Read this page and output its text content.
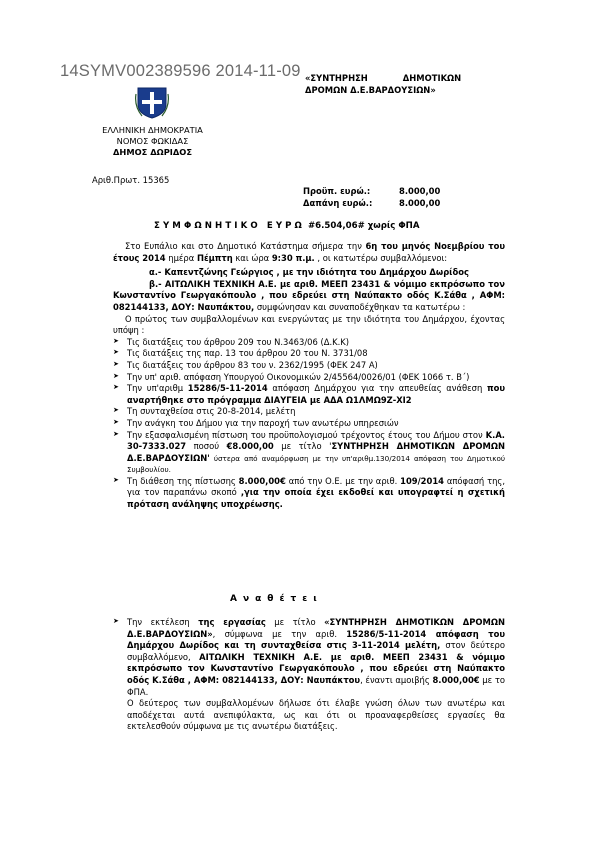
14SYMV002389596 2014-11-09
ΕΛΛΗΝΙΚΗ ΔΗΜΟΚΡΑΤΙΑ
ΝΟΜΟΣ ΦΩΚΙΔΑΣ
ΔΗΜΟΣ ΔΩΡΙΔΟΣ
«ΣΥΝΤΗΡΗΣΗ            ΔΗΜΟΤΙΚΩΝ
ΔΡΟΜΩΝ Δ.Ε.ΒΑΡΔΟΥΣΙΩΝ»
Αριθ.Πρωτ. 15365
Προϋπ. ευρώ.:	8.000,00
Δαπάνη ευρώ.:	8.000,00
ΣΥΜΦΩΝΗΤΙΚΟ ΕΥΡΩ #6.504,06# χωρίς ΦΠΑ

Στο Ευπάλιο και στο Δημοτικό Κατάστημα σήμερα την 6η του μηνός Νοεμβρίου του έτους 2014 ημέρα Πέμπτη και ώρα 9:30 π.μ. , οι κατωτέρω συμβαλλόμενοι:

α.- Καπεντζώνης Γεώργιος , με την ιδιότητα του Δημάρχου Δωρίδος

β.- ΑΙΤΩΛΙΚΗ ΤΕΧΝΙΚΗ Α.Ε. με αριθ. ΜΕΕΠ 23431 & νόμιμο εκπρόσωπο τον Κωνσταντίνο Γεωργακόπουλο , που εδρεύει στη Ναύπακτο οδός Κ.Σάθα , ΑΦΜ: 082144133, ΔΟΥ: Ναυπάκτου, συμφώνησαν και συναποδέχθηκαν τα κατωτέρω :

Ο πρώτος των συμβαλλομένων και ενεργώντας με την ιδιότητα του Δημάρχου, έχοντας υπόψη :

➤ Τις διατάξεις του άρθρου 209 του Ν.3463/06 (Δ.Κ.Κ)
➤ Τις διατάξεις της παρ. 13 του άρθρου 20 του Ν. 3731/08
➤ Τις διατάξεις του άρθρου 83 του ν. 2362/1995 (ΦΕΚ 247 Α)
➤ Την υπ' αριθ. απόφαση Υπουργού Οικονομικών 2/45564/0026/01 (ΦΕΚ 1066 τ. Β΄)
➤ Την υπ'αριθμ 15286/5-11-2014 απόφαση Δημάρχου για την απευθείας ανάθεση που αναρτήθηκε στο πρόγραμμα ΔΙΑΥΓΕΙΑ με ΑΔΑ Ω1ΛΜΩ9Ζ-ΧΙ2
➤ Τη συνταχθείσα στις 20-8-2014, μελέτη
➤ Την ανάγκη του Δήμου για την παροχή των ανωτέρω υπηρεσιών
➤ Την εξασφαλισμένη πίστωση του προϋπολογισμού τρέχοντος έτους του Δήμου στον Κ.Α. 30-7333.027 ποσού €8.000,00 με τίτλο 'ΣΥΝΤΗΡΗΣΗ ΔΗΜΟΤΙΚΩΝ ΔΡΟΜΩΝ Δ.Ε.ΒΑΡΔΟΥΣΙΩΝ' ύστερα από αναμόρφωση με την υπ'αριθμ.130/2014 απόφαση του Δημοτικού Συμβουλίου.
➤ Τη διάθεση της πίστωσης 8.000,00€ από την Ο.Ε. με την αριθ. 109/2014 απόφασή της, για τον παραπάνω σκοπό ,για την οποία έχει εκδοθεί και υπογραφτεί η σχετική πρόταση ανάληψης υποχρέωσης.
Αναθέτει
➤ Την εκτέλεση της εργασίας με τίτλο «ΣΥΝΤΗΡΗΣΗ ΔΗΜΟΤΙΚΩΝ ΔΡΟΜΩΝ Δ.Ε.ΒΑΡΔΟΥΣΙΩΝ», σύμφωνα με την αριθ. 15286/5-11-2014 απόφαση του Δημάρχου Δωρίδος και τη συνταχθείσα στις 3-11-2014 μελέτη, στον δεύτερο συμβαλλόμενο, ΑΙΤΩΛΙΚΗ ΤΕΧΝΙΚΗ Α.Ε. με αριθ. ΜΕΕΠ 23431 & νόμιμο εκπρόσωπο τον Κωνσταντίνο Γεωργακόπουλο , που εδρεύει στη Ναύπακτο οδός Κ.Σάθα , ΑΦΜ: 082144133, ΔΟΥ: Ναυπάκτου, έναντι αμοιβής 8.000,00€ με το ΦΠΑ.

Ο δεύτερος των συμβαλλομένων δήλωσε ότι έλαβε γνώση όλων των ανωτέρω και αποδέχεται αυτά ανεπιφύλακτα, ως και ότι οι προαναφερθείσες εργασίες θα εκτελεσθούν σύμφωνα με τις ανωτέρω διατάξεις.
